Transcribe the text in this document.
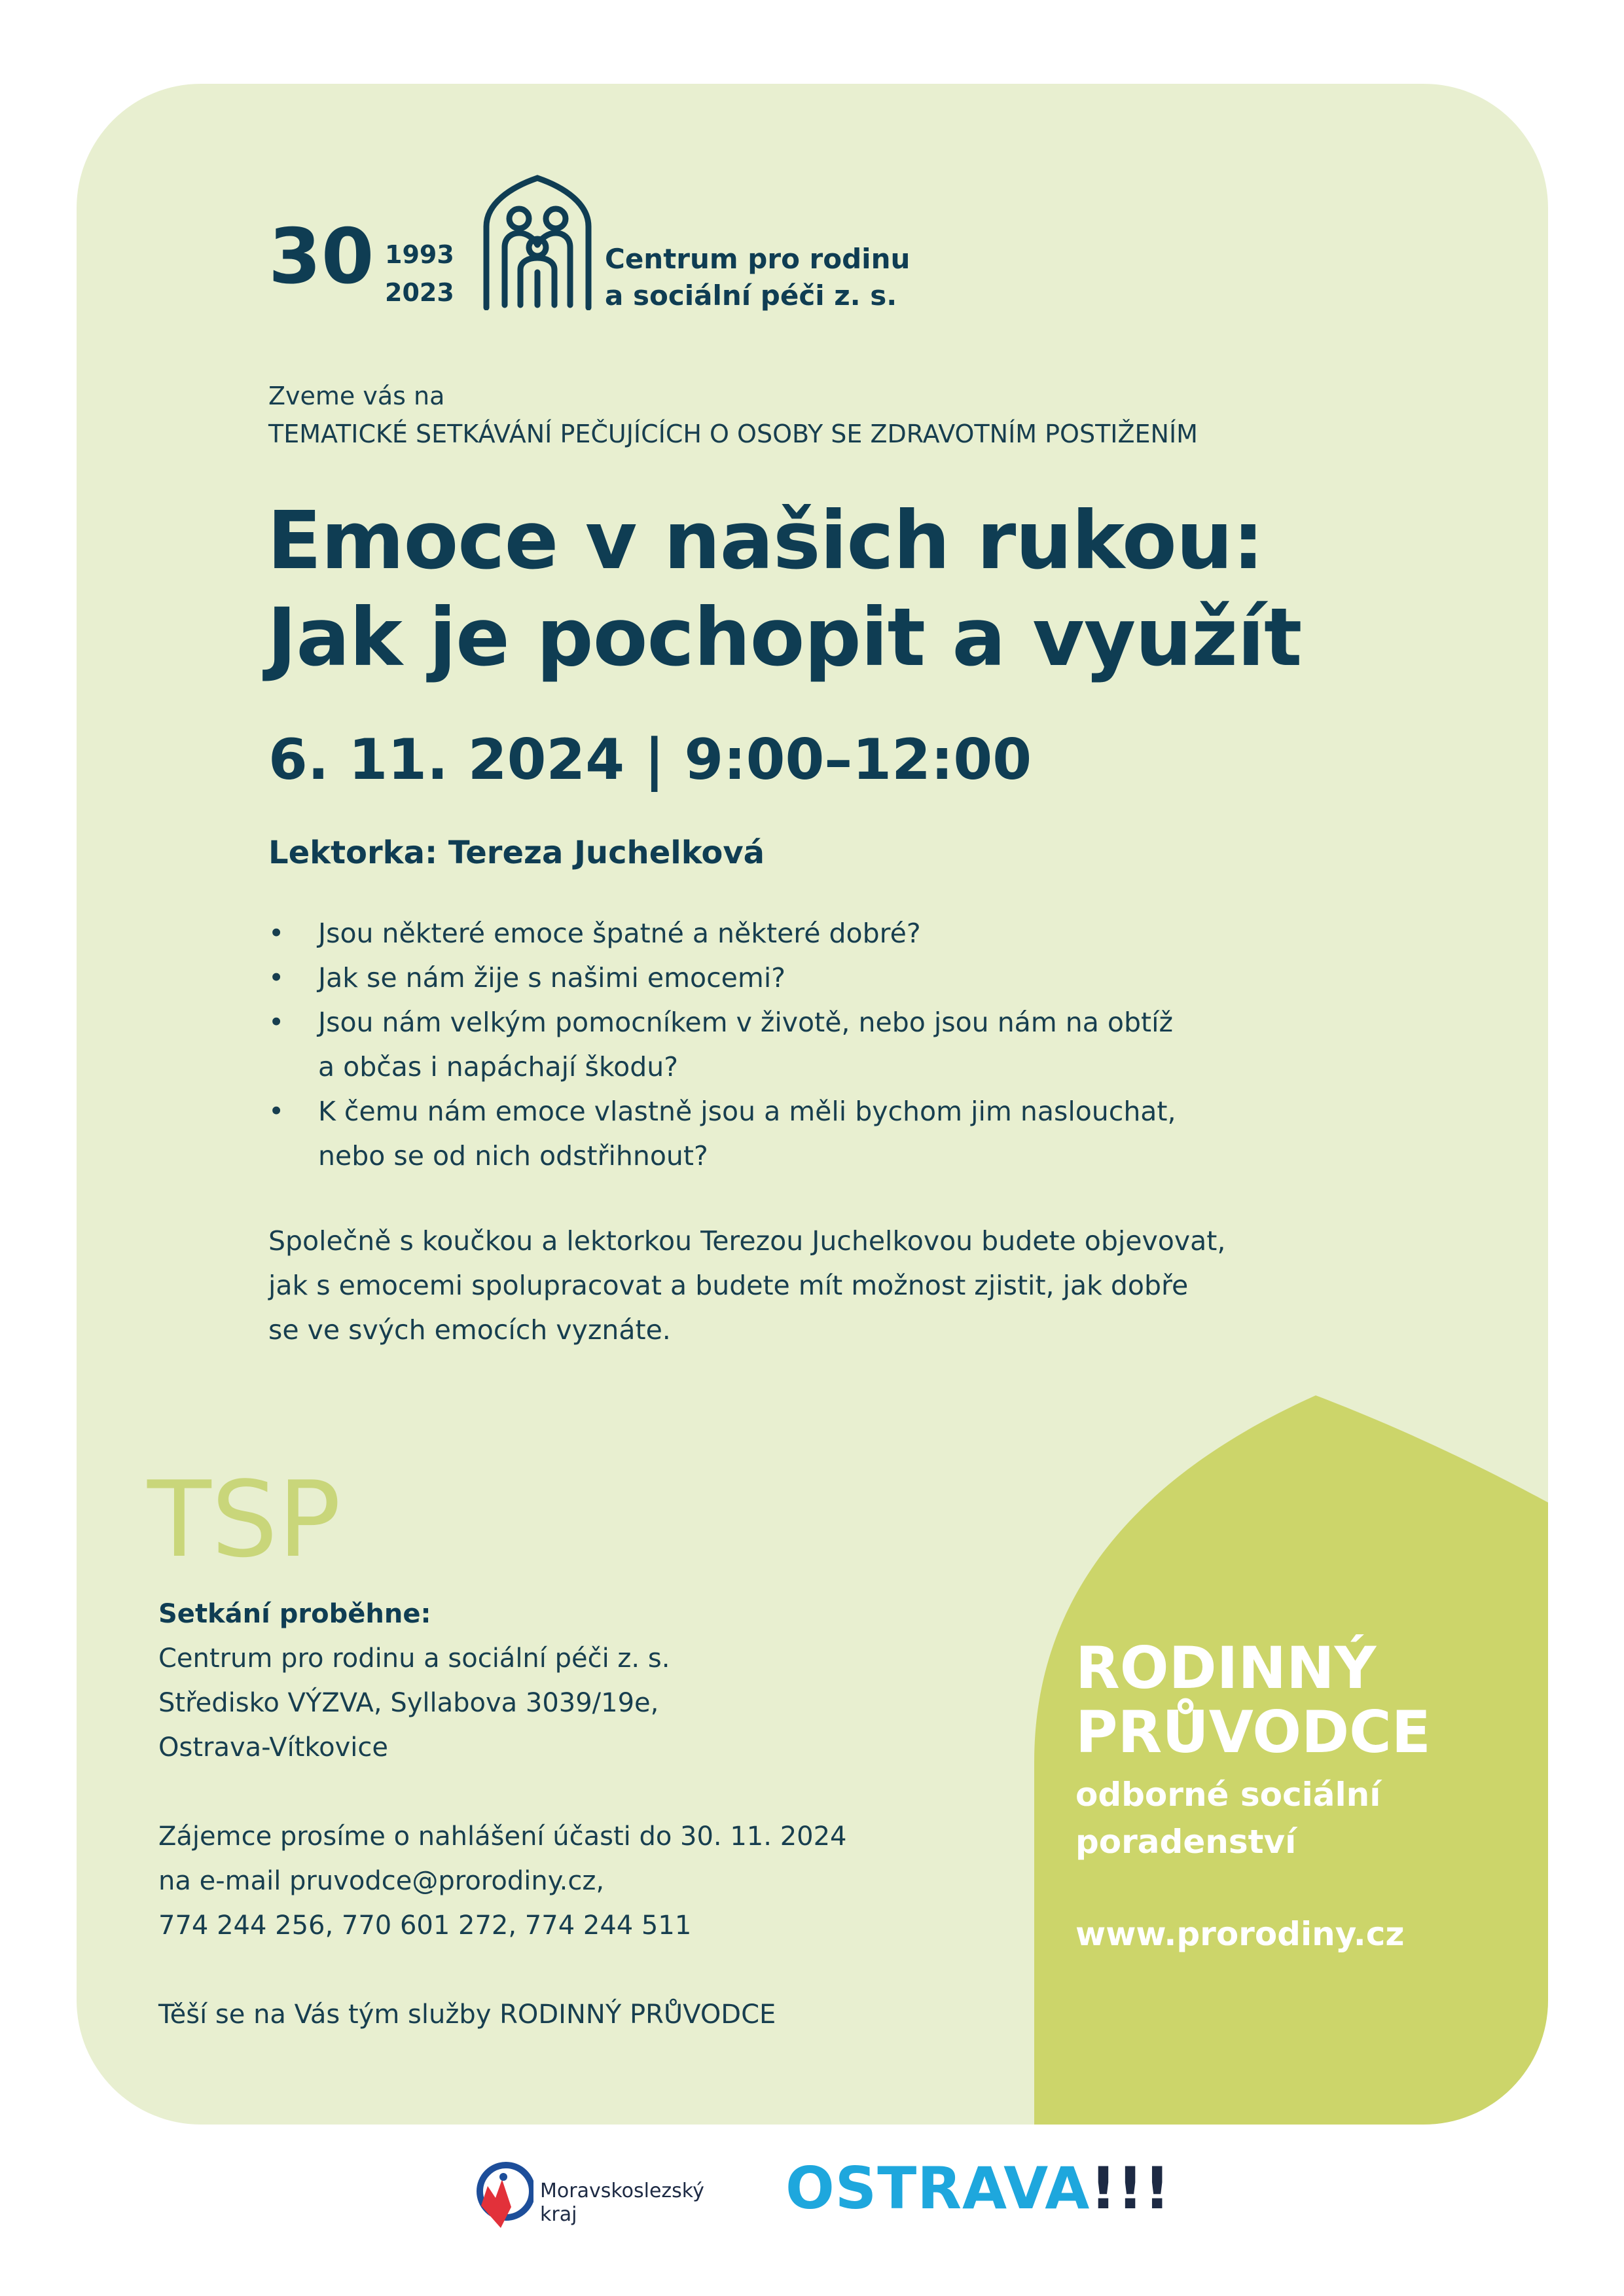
30 1993
2023
Centrum pro rodinu
a sociální péči z. s.
Zveme vás na
TEMATICKÉ SETKÁVÁNÍ PEČUJÍCÍCH O OSOBY SE ZDRAVOTNÍM POSTIŽENÍM
Emoce v našich rukou:
Jak je pochopit a využít
6. 11. 2024 | 9:00–12:00
Lektorka: Tereza Juchelková
• Jsou některé emoce špatné a některé dobré?
• Jak se nám žije s našimi emocemi?
• Jsou nám velkým pomocníkem v životě, nebo jsou nám na obtíž
a občas i napáchají škodu?
• K čemu nám emoce vlastně jsou a měli bychom jim naslouchat,
nebo se od nich odstřihnout?
Společně s koučkou a lektorkou Terezou Juchelkovou budete objevovat,
jak s emocemi spolupracovat a budete mít možnost zjistit, jak dobře
se ve svých emocích vyznáte.
TSP
Setkání proběhne:
Centrum pro rodinu a sociální péči z. s.
Středisko VÝZVA, Syllabova 3039/19e,
Ostrava-Vítkovice
Zájemce prosíme o nahlášení účasti do 30. 11. 2024
na e-mail pruvodce@prorodiny.cz,
774 244 256, 770 601 272, 774 244 511
Těší se na Vás tým služby RODINNÝ PRŮVODCE
RODINNÝ
PRŮVODCE
odborné sociální
poradenství
www.prorodiny.cz
Moravskoslezský
kraj	OSTRAVA!!!
